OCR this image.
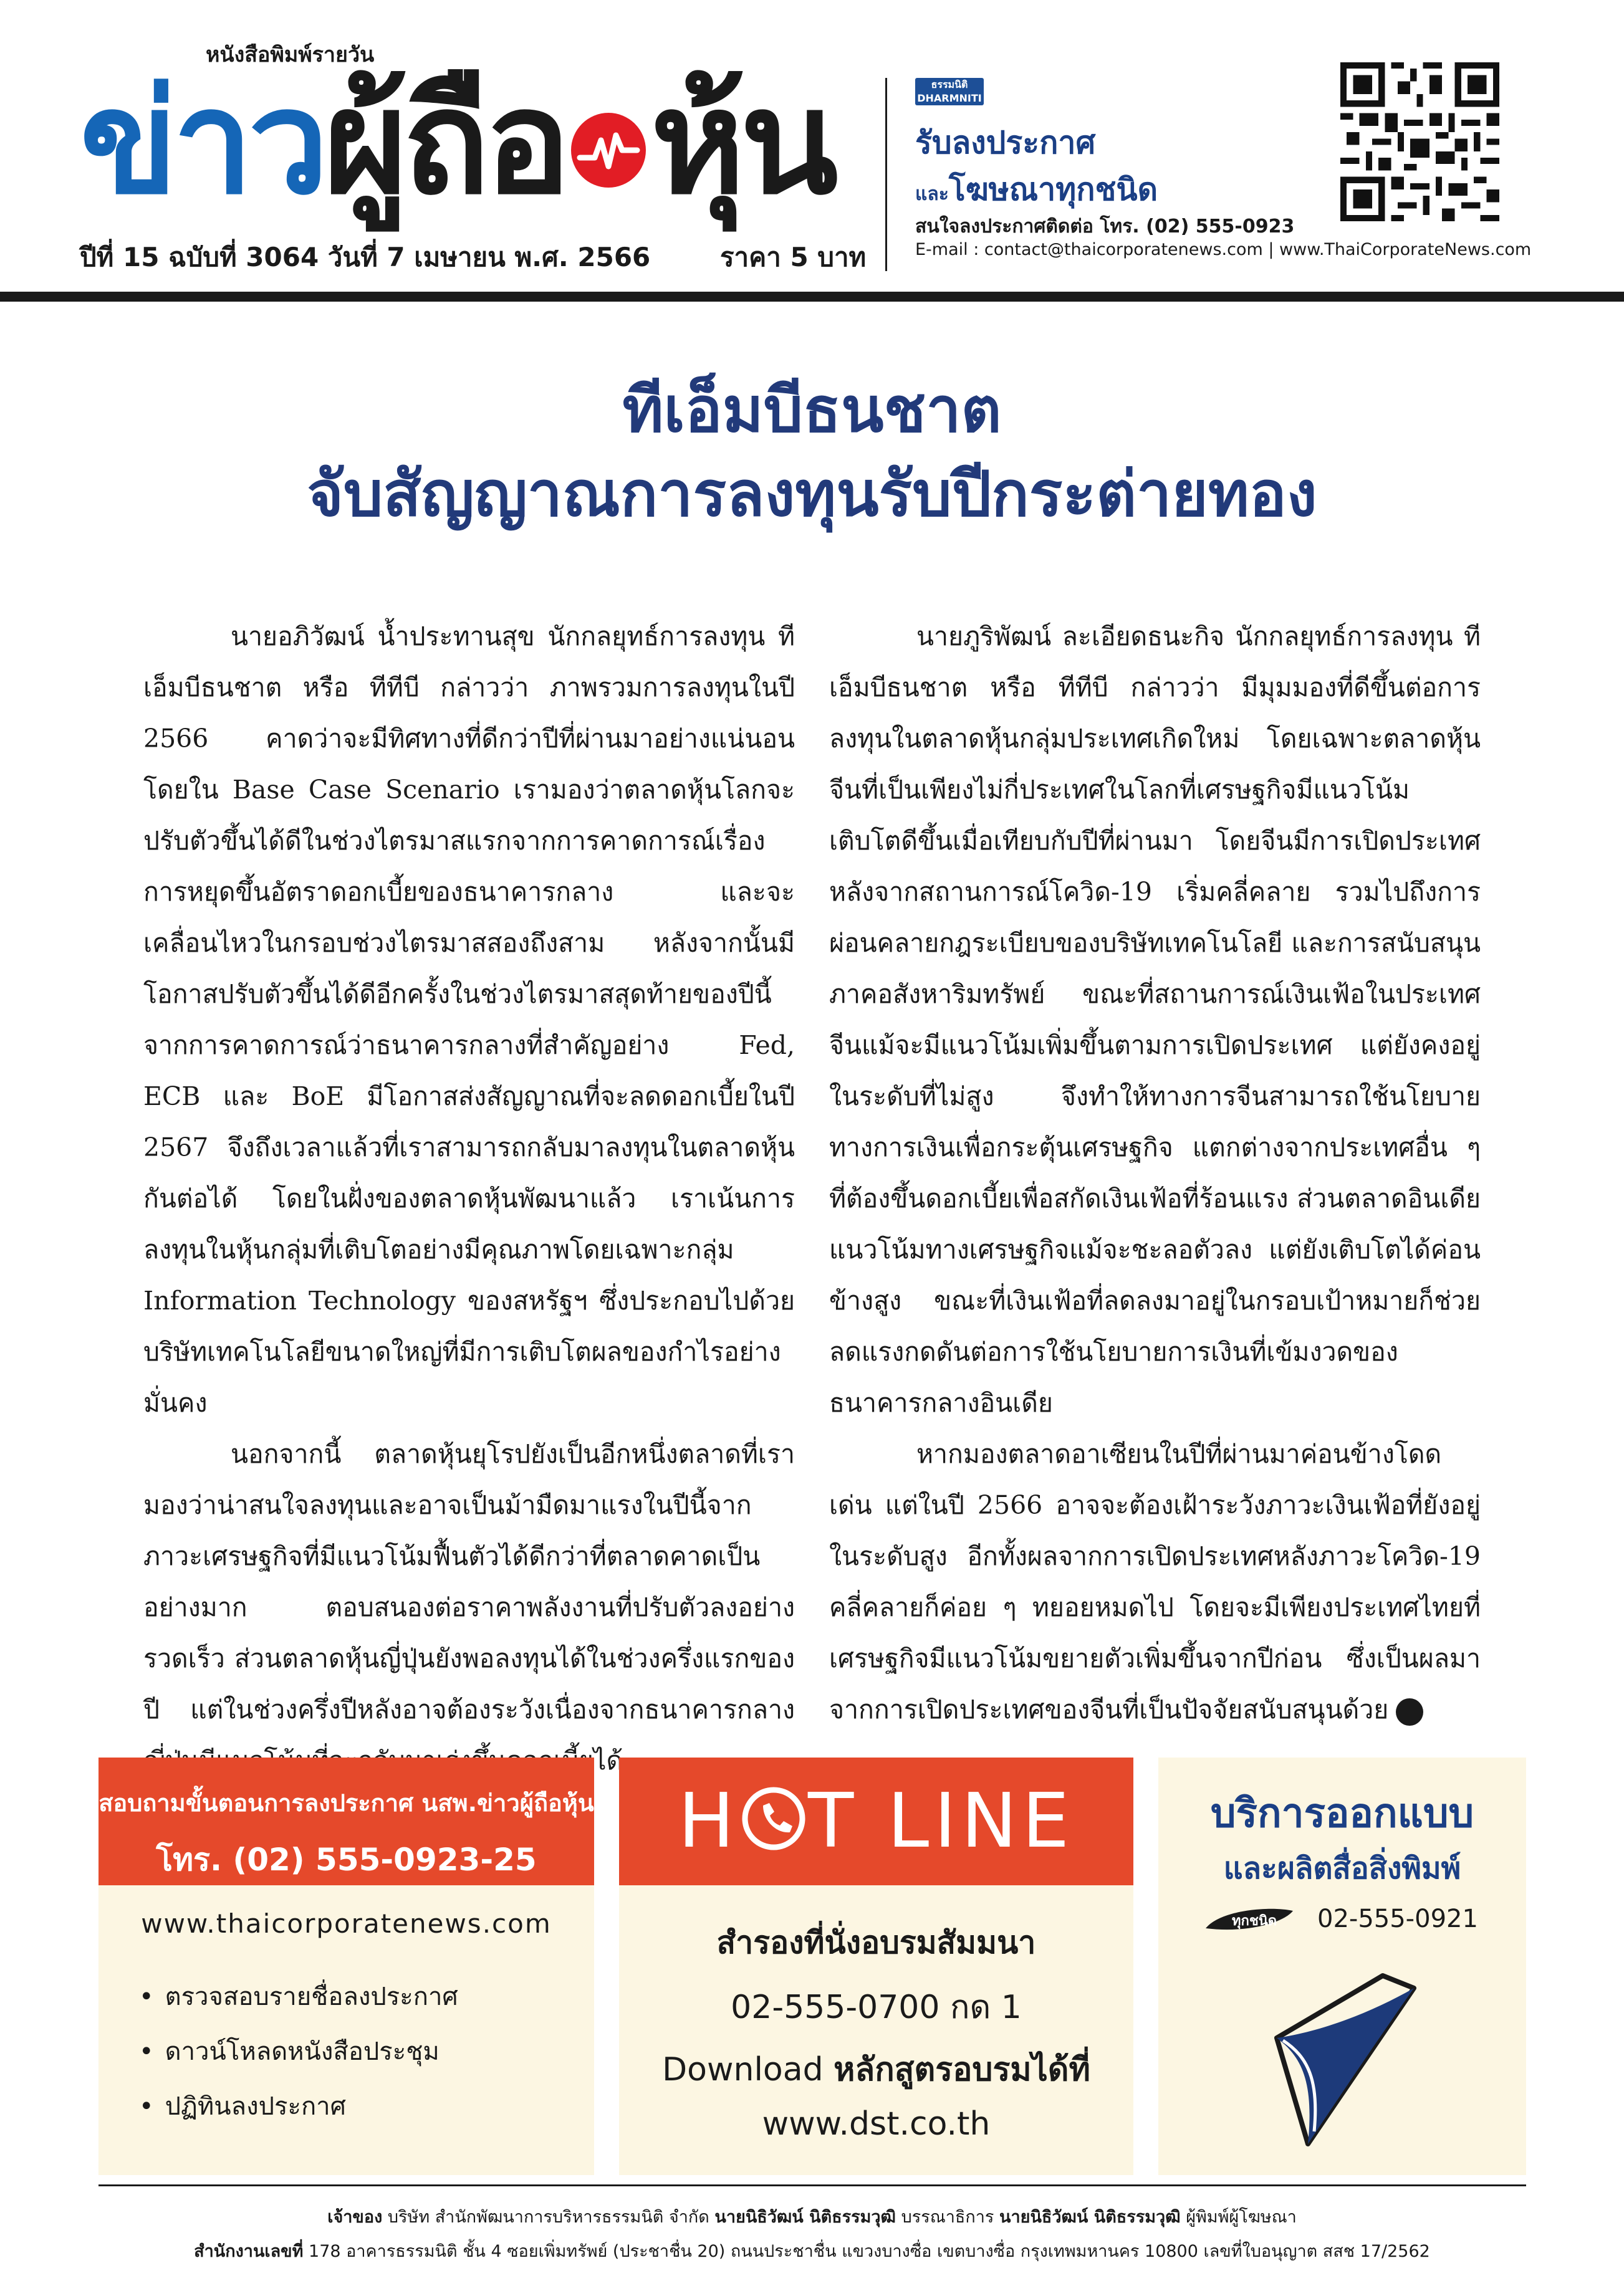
หนังสือพิมพ์รายวัน
ข่าว ผู้ถือ หุ้น
ปีที่ 15 ฉบับที่ 3064 วันที่ 7 เมษายน พ.ศ. 2566	ราคา 5 บาท
ธรรมนิติ
DHARMNITI
รับลงประกาศ
และโฆษณาทุกชนิด
สนใจลงประกาศติดต่อ โทร. (02) 555-0923
E-mail : contact@thaicorporatenews.com | www.ThaiCorporateNews.com
ทีเอ็มบีธนชาต
จับสัญญาณการลงทุนรับปีกระต่ายทอง

นายอภิวัฒน์ น้ำประทานสุข นักกลยุทธ์การลงทุน ทีเอ็มบีธนชาต หรือ ทีทีบี กล่าวว่า ภาพรวมการลงทุนในปี 2566 คาดว่าจะมีทิศทางที่ดีกว่าปีที่ผ่านมาอย่างแน่นอน โดยใน Base Case Scenario เรามองว่าตลาดหุ้นโลกจะปรับตัวขึ้นได้ดีในช่วงไตรมาสแรกจากการคาดการณ์เรื่องการหยุดขึ้นอัตราดอกเบี้ยของธนาคารกลาง และจะเคลื่อนไหวในกรอบช่วงไตรมาสสองถึงสาม หลังจากนั้นมีโอกาสปรับตัวขึ้นได้ดีอีกครั้งในช่วงไตรมาสสุดท้ายของปีนี้จากการคาดการณ์ว่าธนาคารกลางที่สำคัญอย่าง Fed, ECB และ BoE มีโอกาสส่งสัญญาณที่จะลดดอกเบี้ยในปี 2567 จึงถึงเวลาแล้วที่เราสามารถกลับมาลงทุนในตลาดหุ้นกันต่อได้ โดยในฝั่งของตลาดหุ้นพัฒนาแล้ว เราเน้นการลงทุนในหุ้นกลุ่มที่เติบโตอย่างมีคุณภาพโดยเฉพาะกลุ่ม Information Technology ของสหรัฐฯ ซึ่งประกอบไปด้วยบริษัทเทคโนโลยีขนาดใหญ่ที่มีการเติบโตผลของกำไรอย่างมั่นคง

นอกจากนี้ ตลาดหุ้นยุโรปยังเป็นอีกหนึ่งตลาดที่เรามองว่าน่าสนใจลงทุนและอาจเป็นม้ามืดมาแรงในปีนี้จากภาวะเศรษฐกิจที่มีแนวโน้มฟื้นตัวได้ดีกว่าที่ตลาดคาดเป็นอย่างมาก ตอบสนองต่อราคาพลังงานที่ปรับตัวลงอย่างรวดเร็ว ส่วนตลาดหุ้นญี่ปุ่นยังพอลงทุนได้ในช่วงครึ่งแรกของปี แต่ในช่วงครึ่งปีหลังอาจต้องระวังเนื่องจากธนาคารกลาง ยได้

นายภูริพัฒน์ ละเอียดธนะกิจ นักกลยุทธ์การลงทุน ทีเอ็มบีธนชาต หรือ ทีทีบี กล่าวว่า มีมุมมองที่ดีขึ้นต่อการลงทุนในตลาดหุ้นกลุ่มประเทศเกิดใหม่ โดยเฉพาะตลาดหุ้นจีนที่เป็นเพียงไม่กี่ประเทศในโลกที่เศรษฐกิจมีแนวโน้มเติบโตดีขึ้นเมื่อเทียบกับปีที่ผ่านมา โดยจีนมีการเปิดประเทศหลังจากสถานการณ์โควิด-19 เริ่มคลี่คลาย รวมไปถึงการผ่อนคลายกฎระเบียบของบริษัทเทคโนโลยี และการสนับสนุนภาคอสังหาริมทรัพย์ ขณะที่สถานการณ์เงินเฟ้อในประเทศจีนแม้จะมีแนวโน้มเพิ่มขึ้นตามการเปิดประเทศ แต่ยังคงอยู่ในระดับที่ไม่สูง จึงทำให้ทางการจีนสามารถใช้นโยบายทางการเงินเพื่อกระตุ้นเศรษฐกิจ แตกต่างจากประเทศอื่น ๆ ที่ต้องขึ้นดอกเบี้ยเพื่อสกัดเงินเฟ้อที่ร้อนแรง ส่วนตลาดอินเดียแนวโน้มทางเศรษฐกิจแม้จะชะลอตัวลง แต่ยังเติบโตได้ค่อนข้างสูง ขณะที่เงินเฟ้อที่ลดลงมาอยู่ในกรอบเป้าหมายก็ช่วยลดแรงกดดันต่อการใช้นโยบายการเงินที่เข้มงวดของธนาคารกลางอินเดีย

หากมองตลาดอาเซียนในปีที่ผ่านมาค่อนข้างโดดเด่น แต่ในปี 2566 อาจจะต้องเฝ้าระวังภาวะเงินเฟ้อที่ยังอยู่ในระดับสูง อีกทั้งผลจากการเปิดประเทศหลังภาวะโควิด-19 คลี่คลายก็ค่อย ๆ ทยอยหมดไป โดยจะมีเพียงประเทศไทยที่เศรษฐกิจมีแนวโน้มขยายตัวเพิ่มขึ้นจากปีก่อน ซึ่งเป็นผลมาจากการเปิดประเทศของจีนที่เป็นปัจจัยสนับสนุนด้วย

สอบถามขั้นตอนการลงประกาศ นสพ.ข่าวผู้ถือหุ้น
โทร. (02) 555-0923-25
www.thaicorporatenews.com
• ตรวจสอบรายชื่อลงประกาศ
• ดาวน์โหลดหนังสือประชุม
• ปฏิทินลงประกาศ
H T LINE
สำรองที่นั่งอบรมสัมมนา
02-555-0700 กด 1
Download หลักสูตรอบรมได้ที่
www.dst.co.th
บริการออกแบบ
และผลิตสื่อสิ่งพิมพ์
ทุกชนิด 02-555-0921
เจ้าของ บริษัท สำนักพัฒนาการบริหารธรรมนิติ จำกัด นายนิธิวัฒน์ นิติธรรมวุฒิ บรรณาธิการ นายนิธิวัฒน์ นิติธรรมวุฒิ ผู้พิมพ์ผู้โฆษณา
สำนักงานเลขที่ 178 อาคารธรรมนิติ ชั้น 4 ซอยเพิ่มทรัพย์ (ประชาชื่น 20) ถนนประชาชื่น แขวงบางซื่อ เขตบางซื่อ กรุงเทพมหานคร 10800 เลขที่ใบอนุญาต สสช 17/2562
